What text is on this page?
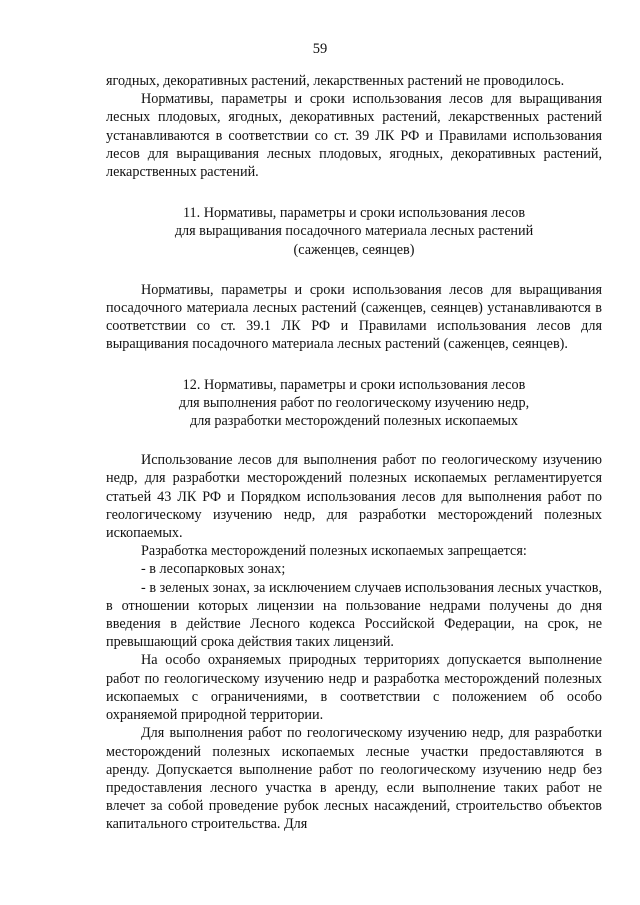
59

ягодных, декоративных растений, лекарственных растений не проводилось.

Нормативы, параметры и сроки использования лесов для выращивания лесных плодовых, ягодных, декоративных растений, лекарственных растений устанавливаются в соответствии со ст. 39 ЛК РФ и Правилами использования лесов для выращивания лесных плодовых, ягодных, декоративных растений, лекарственных растений.

11. Нормативы, параметры и сроки использования лесов
для выращивания посадочного материала лесных растений
(саженцев, сеянцев)

Нормативы, параметры и сроки использования лесов для выращивания посадочного материала лесных растений (саженцев, сеянцев) устанавливаются в соответствии со ст. 39.1 ЛК РФ и Правилами использования лесов для выращивания посадочного материала лесных растений (саженцев, сеянцев).

12. Нормативы, параметры и сроки использования лесов
для выполнения работ по геологическому изучению недр,
для разработки месторождений полезных ископаемых

Использование лесов для выполнения работ по геологическому изучению недр, для разработки месторождений полезных ископаемых регламентируется статьей 43 ЛК РФ и Порядком использования лесов для выполнения работ по геологическому изучению недр, для разработки месторождений полезных ископаемых.

Разработка месторождений полезных ископаемых запрещается:

- в лесопарковых зонах;

- в зеленых зонах, за исключением случаев использования лесных участков, в отношении которых лицензии на пользование недрами получены до дня введения в действие Лесного кодекса Российской Федерации, на срок, не превышающий срока действия таких лицензий.

На особо охраняемых природных территориях допускается выполнение работ по геологическому изучению недр и разработка месторождений полезных ископаемых с ограничениями, в соответствии с положением об особо охраняемой природной территории.

Для выполнения работ по геологическому изучению недр, для разработки месторождений полезных ископаемых лесные участки предоставляются в аренду. Допускается выполнение работ по геологическому изучению недр без предоставления лесного участка в аренду, если выполнение таких работ не влечет за собой проведение рубок лесных насаждений, строительство объектов капитального строительства. Для
